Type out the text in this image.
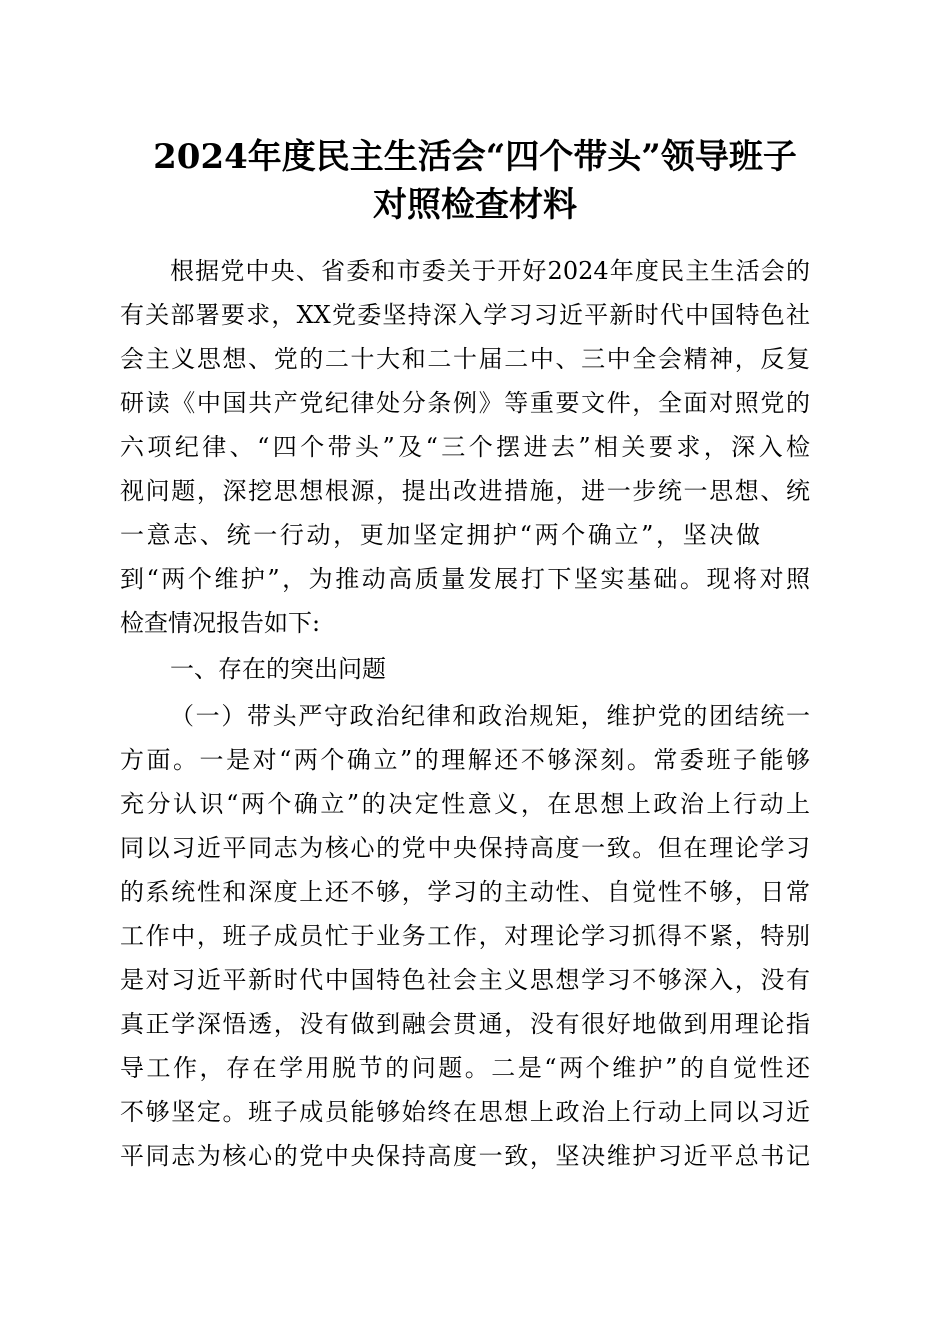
2024年度民主生活会“四个带头”领导班子
对照检查材料
根据党中央、省委和市委关于开好2024年度民主生活会的
有关部署要求，XX党委坚持深入学习习近平新时代中国特色社
会主义思想、党的二十大和二十届二中、三中全会精神，反复
研读《中国共产党纪律处分条例》等重要文件，全面对照党的
六项纪律、“四个带头”及“三个摆进去”相关要求，深入检
视问题，深挖思想根源，提出改进措施，进一步统一思想、统
一意志、统一行动，更加坚定拥护“两个确立”，坚决做
到“两个维护”，为推动高质量发展打下坚实基础。现将对照
检查情况报告如下:
一、存在的突出问题
（一）带头严守政治纪律和政治规矩，维护党的团结统一
方面。一是对“两个确立”的理解还不够深刻。常委班子能够
充分认识“两个确立”的决定性意义，在思想上政治上行动上
同以习近平同志为核心的党中央保持高度一致。但在理论学习
的系统性和深度上还不够，学习的主动性、自觉性不够，日常
工作中，班子成员忙于业务工作，对理论学习抓得不紧，特别
是对习近平新时代中国特色社会主义思想学习不够深入，没有
真正学深悟透，没有做到融会贯通，没有很好地做到用理论指
导工作，存在学用脱节的问题。二是“两个维护”的自觉性还
不够坚定。班子成员能够始终在思想上政治上行动上同以习近
平同志为核心的党中央保持高度一致，坚决维护习近平总书记
